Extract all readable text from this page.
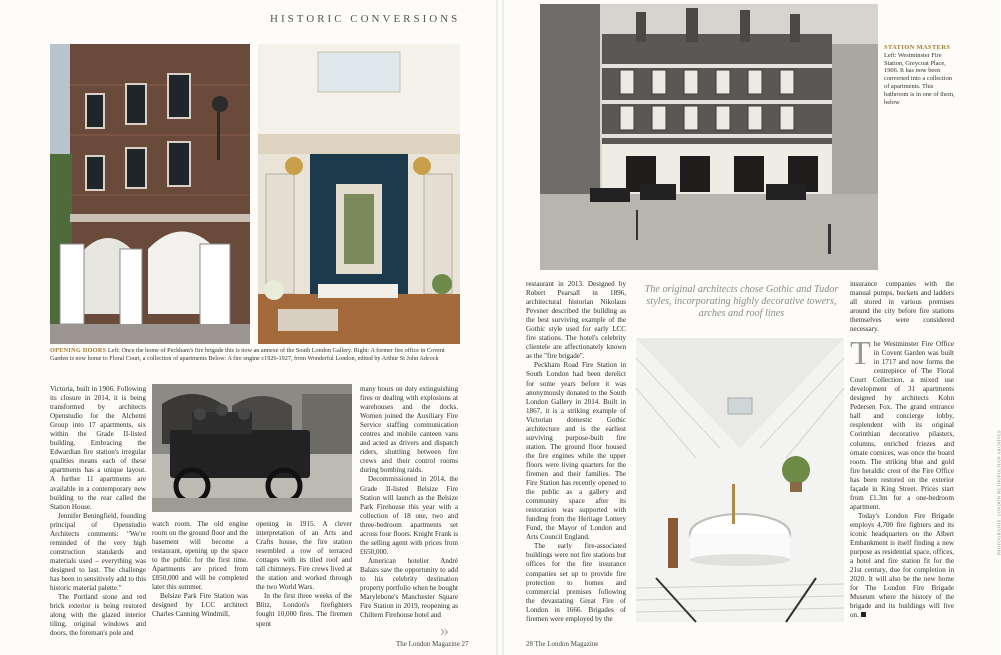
HISTORIC CONVERSIONS
OPENING DOORS Left: Once the home of Peckham's fire brigade this is now an annexe of the South London Gallery. Right: A former fire office in Covent Garden is now home to Floral Court, a collection of apartments Below: A fire engine c1926-1927, from Wonderful London, edited by Arthur St John Adcock

Victoria, built in 1906. Following its closure in 2014, it is being transformed by architects Openstudio for the Alchemi Group into 17 apartments, six within the Grade II-listed building. Embracing the Edwardian fire station's irregular qualities means each of these apartments has a unique layout. A further 11 apartments are available in a contemporary new building to the rear called the Station House.

Jennifer Beningfield, founding principal of Openstudio Architects comments: "We're reminded of the very high construction standards and materials used – everything was designed to last. The challenge has been to sensitively add to this historic material palette."

The Portland stone and red brick exterior is being restored along with the glazed interior tiling, original windows and doors, the foreman's pole and

watch room. The old engine room on the ground floor and the basement will become a restaurant, opening up the space to the public for the first time. Apartments are priced from £850,000 and will be completed later this summer.

Belsize Park Fire Station was designed by LCC architect Charles Canning Windmill,

opening in 1915. A clever interpretation of an Arts and Crafts house, the fire station resembled a row of terraced cottages with its tiled roof and tall chimneys. Fire crews lived at the station and worked through the two World Wars.

In the first three weeks of the Blitz, London's firefighters fought 10,000 fires. The firemen spent

many hours on duty extinguishing fires or dealing with explosions at warehouses and the docks. Women joined the Auxiliary Fire Service staffing communication centres and mobile canteen vans and acted as drivers and dispatch riders, shuttling between fire crews and their control rooms during bombing raids.

Decommissioned in 2014, the Grade II-listed Belsize Fire Station will launch as the Belsize Park Firehouse this year with a collection of 18 one, two and three-bedroom apartments set across four floors. Knight Frank is the selling agent with prices from £650,000.

American hotelier André Balazs saw the opportunity to add to his celebrity destination property portfolio when he bought Marylebone's Manchester Square Fire Station in 2019, reopening as Chiltern Firehouse hotel and

»
The London Magazine 27
STATION MASTERS
Left: Westminster Fire Station, Greycoat Place, 1906. It has now been converted into a collection of apartments. This bathroom is in one of them, below

restaurant in 2013. Designed by Robert Pearsall in 1896, architectural historian Nikolaus Pevsner described the building as the best surviving example of the Gothic style used for early LCC fire stations. The hotel's celebrity clientele are affectionately known as the "fire brigade".

Peckham Road Fire Station in South London had been derelict for some years before it was anonymously donated to the South London Gallery in 2014. Built in 1867, it is a striking example of Victorian domestic Gothic architecture and is the earliest surviving purpose-built fire station. The ground floor housed the fire engines while the upper floors were living quarters for the firemen and their families. The Fire Station has recently opened to the public as a gallery and community space after its restoration was supported with funding from the Heritage Lottery Fund, the Mayor of London and Arts Council England.

The early fire-associated buildings were not fire stations but offices for the fire insurance companies set up to provide fire protection to homes and commercial premises following the devastating Great Fire of London in 1666. Brigades of firemen were employed by the

The original architects chose Gothic and Tudor styles, incorporating highly decorative towers, arches and roof lines

insurance companies with the manual pumps, buckets and ladders all stored in various premises around the city before fire stations themselves were considered necessary.

The Westminster Fire Office in Covent Garden was built in 1717 and now forms the centrepiece of The Floral Court Collection, a mixed use development of 31 apartments designed by architects Kohn Pedersen Fox. The grand entrance hall and concierge lobby, resplendent with its original Corinthian decorative pilasters, columns, enriched friezes and ornate cornices, was once the board room. The striking blue and gold fire heraldic crest of the Fire Office has been restored on the exterior façade in King Street. Prices start from £1.3m for a one-bedroom apartment.

Today's London Fire Brigade employs 4,700 fire fighters and its iconic headquarters on the Albert Embankment is itself finding a new purpose as residential space, offices, a hotel and fire station fit for the 21st century, due for completion in 2020. It will also be the new home for The London Fire Brigade Museum where the history of the brigade and its buildings will live on.

PHOTOGRAPHS: LONDON METROPOLITAN ARCHIVES
28 The London Magazine
